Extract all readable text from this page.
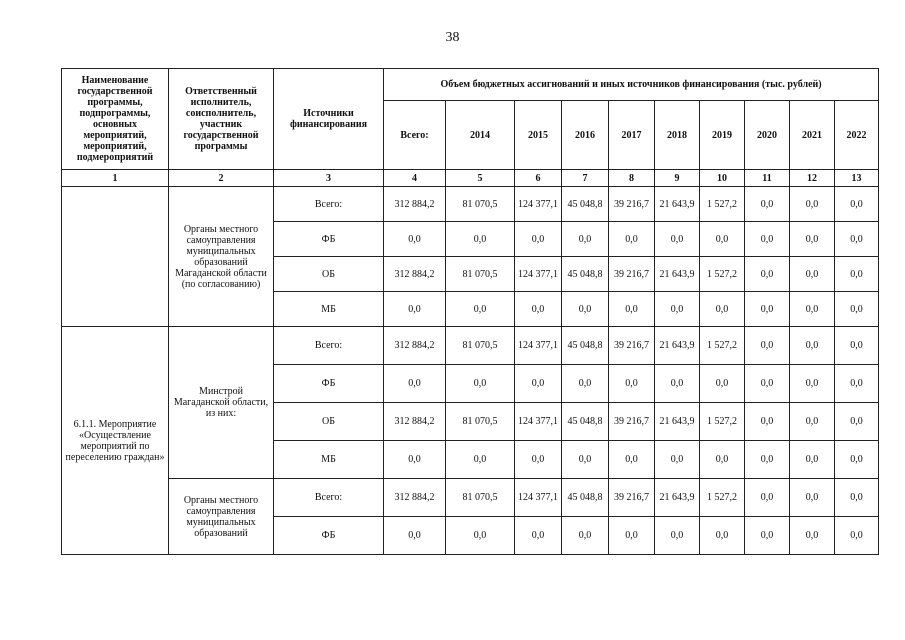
38
Наименование государственной программы, подпрограммы, основных мероприятий, мероприятий, подмероприятий	Ответственный исполнитель, соисполнитель, участник государственной программы	Источники финансирования	Объем бюджетных ассигнований и иных источников финансирования (тыс. рублей)									
			Всего:	2014	2015	2016	2017	2018	2019	2020	2021	2022
1	2	3	4	5	6	7	8	9	10	11	12	13
	Органы местного самоуправления муниципальных образований Магаданской области (по согласованию)	Всего:	312 884,2	81 070,5	124 377,1	45 048,8	39 216,7	21 643,9	1 527,2	0,0	0,0	0,0
		ФБ	0,0	0,0	0,0	0,0	0,0	0,0	0,0	0,0	0,0	0,0
		ОБ	312 884,2	81 070,5	124 377,1	45 048,8	39 216,7	21 643,9	1 527,2	0,0	0,0	0,0
		МБ	0,0	0,0	0,0	0,0	0,0	0,0	0,0	0,0	0,0	0,0
6.1.1. Мероприятие «Осуществление мероприятий по переселению граждан»	Минстрой Магаданской области, из них:	Всего:	312 884,2	81 070,5	124 377,1	45 048,8	39 216,7	21 643,9	1 527,2	0,0	0,0	0,0
		ФБ	0,0	0,0	0,0	0,0	0,0	0,0	0,0	0,0	0,0	0,0
		ОБ	312 884,2	81 070,5	124 377,1	45 048,8	39 216,7	21 643,9	1 527,2	0,0	0,0	0,0
		МБ	0,0	0,0	0,0	0,0	0,0	0,0	0,0	0,0	0,0	0,0
	Органы местного самоуправления муниципальных образований	Всего:	312 884,2	81 070,5	124 377,1	45 048,8	39 216,7	21 643,9	1 527,2	0,0	0,0	0,0
		ФБ	0,0	0,0	0,0	0,0	0,0	0,0	0,0	0,0	0,0	0,0
